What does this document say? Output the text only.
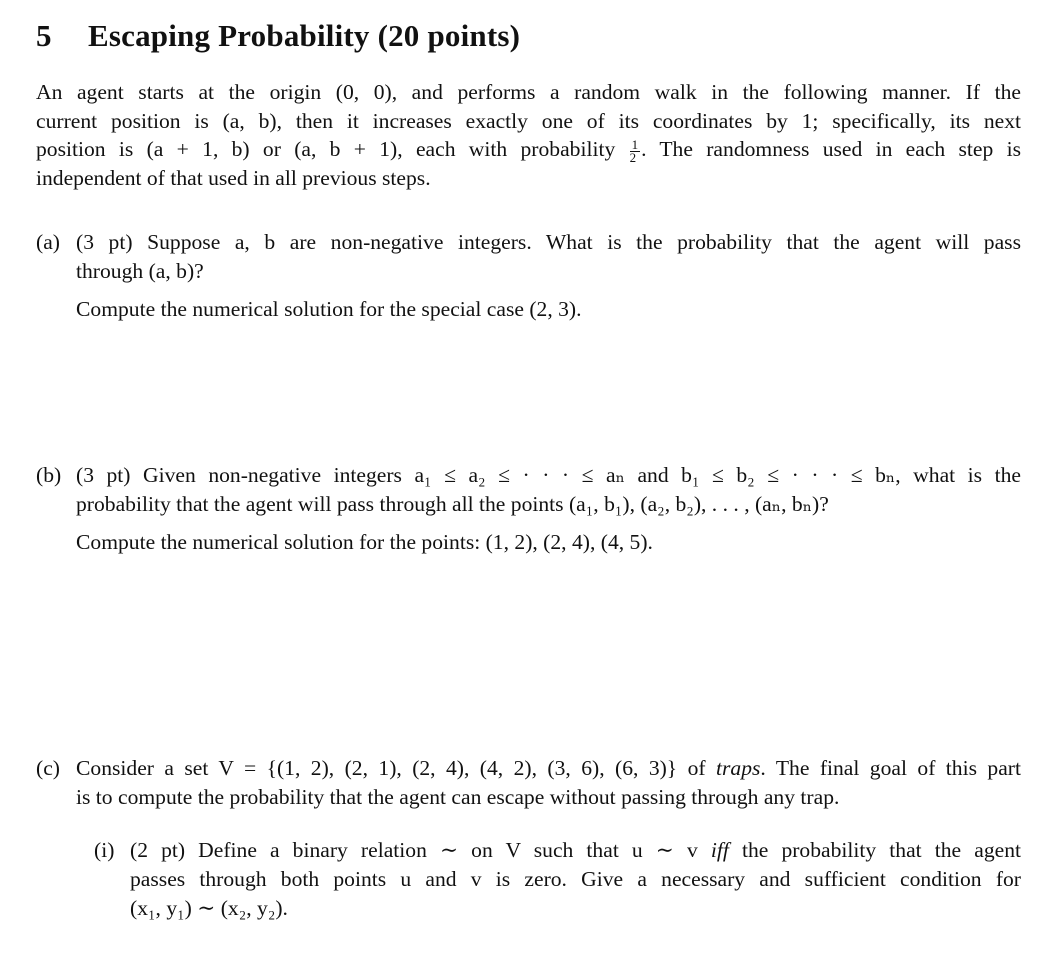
5 Escaping Probability (20 points)
An agent starts at the origin (0, 0), and performs a random walk in the following manner. If the
current position is (a, b), then it increases exactly one of its coordinates by 1; specifically, its next
position is (a + 1, b) or (a, b + 1), each with probability $\frac{1}{2}$ . The randomness used in each step is
independent of that used in all previous steps.
(a) (3 pt) Suppose a, b are non-negative integers. What is the probability that the agent will pass
through (a, b)?
Compute the numerical solution for the special case (2, 3).
(b) (3 pt) Given non-negative integers a₁ ≤ a₂ ≤ · · · ≤ aₙ and b₁ ≤ b₂ ≤ · · · ≤ bₙ, what is the
probability that the agent will pass through all the points (a₁, b₁), (a₂, b₂), . . . , (aₙ, bₙ)?
Compute the numerical solution for the points: (1, 2), (2, 4), (4, 5).
(c) Consider a set V = {(1, 2), (2, 1), (2, 4), (4, 2), (3, 6), (6, 3)} of traps. The final goal of this part
is to compute the probability that the agent can escape without passing through any trap.
(i) (2 pt) Define a binary relation ∼ on V such that u ∼ v iff the probability that the agent
passes through both points u and v is zero. Give a necessary and sufficient condition for
(x₁, y₁) ∼ (x₂, y₂).
